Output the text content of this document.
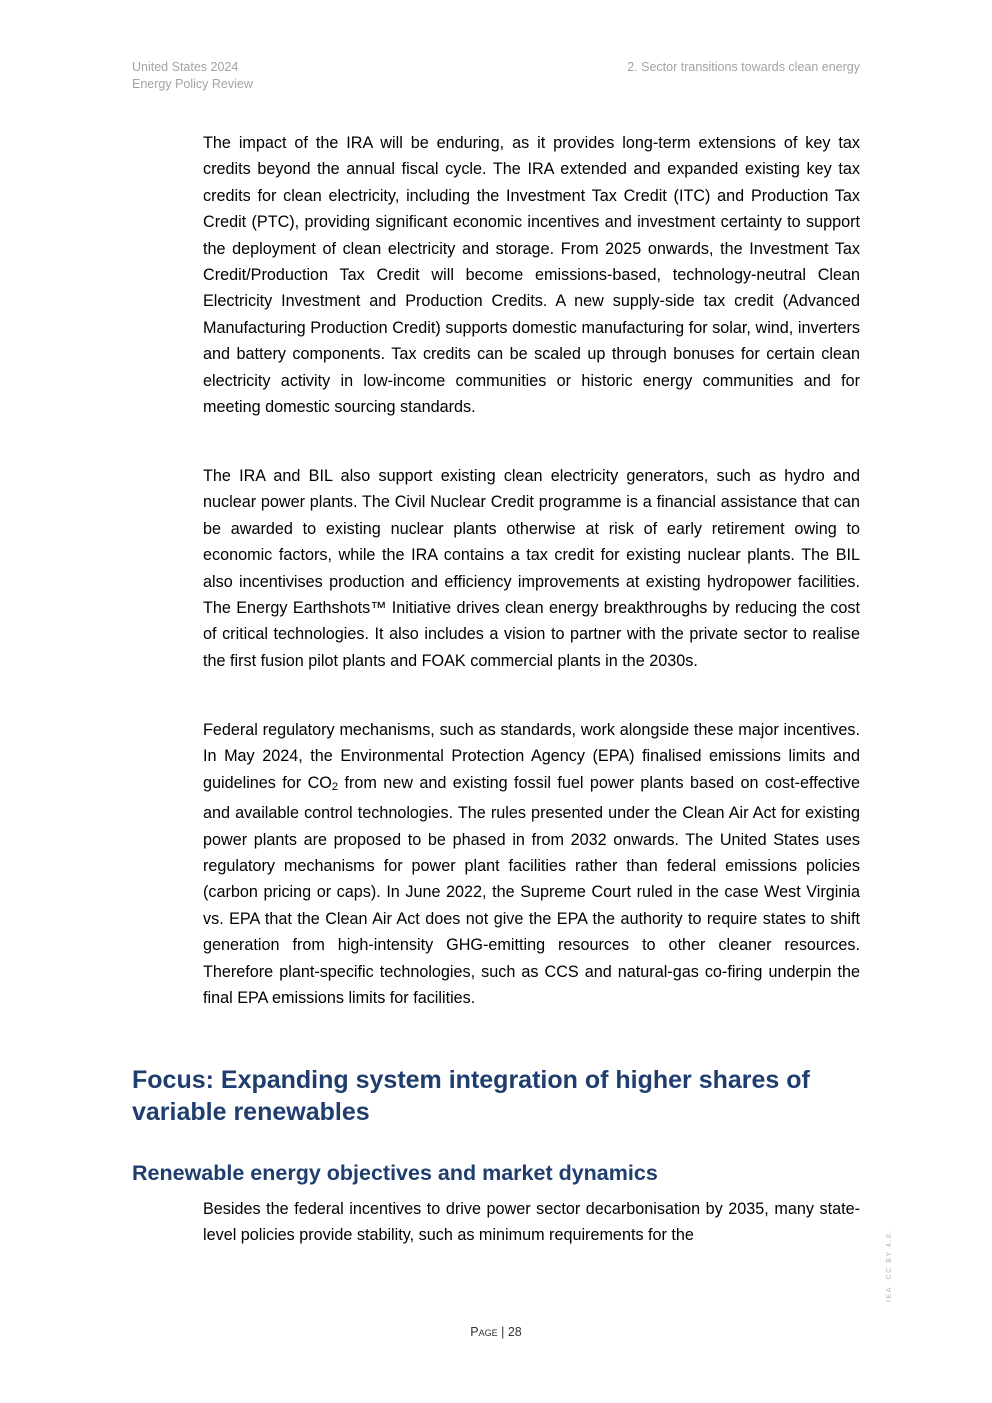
United States 2024
Energy Policy Review
2. Sector transitions towards clean energy

The impact of the IRA will be enduring, as it provides long-term extensions of key tax credits beyond the annual fiscal cycle. The IRA extended and expanded existing key tax credits for clean electricity, including the Investment Tax Credit (ITC) and Production Tax Credit (PTC), providing significant economic incentives and investment certainty to support the deployment of clean electricity and storage. From 2025 onwards, the Investment Tax Credit/Production Tax Credit will become emissions-based, technology-neutral Clean Electricity Investment and Production Credits. A new supply-side tax credit (Advanced Manufacturing Production Credit) supports domestic manufacturing for solar, wind, inverters and battery components. Tax credits can be scaled up through bonuses for certain clean electricity activity in low-income communities or historic energy communities and for meeting domestic sourcing standards.

The IRA and BIL also support existing clean electricity generators, such as hydro and nuclear power plants. The Civil Nuclear Credit programme is a financial assistance that can be awarded to existing nuclear plants otherwise at risk of early retirement owing to economic factors, while the IRA contains a tax credit for existing nuclear plants. The BIL also incentivises production and efficiency improvements at existing hydropower facilities. The Energy Earthshots™ Initiative drives clean energy breakthroughs by reducing the cost of critical technologies. It also includes a vision to partner with the private sector to realise the first fusion pilot plants and FOAK commercial plants in the 2030s.

Federal regulatory mechanisms, such as standards, work alongside these major incentives. In May 2024, the Environmental Protection Agency (EPA) finalised emissions limits and guidelines for CO2 from new and existing fossil fuel power plants based on cost-effective and available control technologies. The rules presented under the Clean Air Act for existing power plants are proposed to be phased in from 2032 onwards. The United States uses regulatory mechanisms for power plant facilities rather than federal emissions policies (carbon pricing or caps). In June 2022, the Supreme Court ruled in the case West Virginia vs. EPA that the Clean Air Act does not give the EPA the authority to require states to shift generation from high-intensity GHG-emitting resources to other cleaner resources. Therefore plant-specific technologies, such as CCS and natural-gas co-firing underpin the final EPA emissions limits for facilities.

Focus: Expanding system integration of higher shares of variable renewables
Renewable energy objectives and market dynamics

Besides the federal incentives to drive power sector decarbonisation by 2035, many state-level policies provide stability, such as minimum requirements for the

Page | 28
IEA. CC BY 4.0.
